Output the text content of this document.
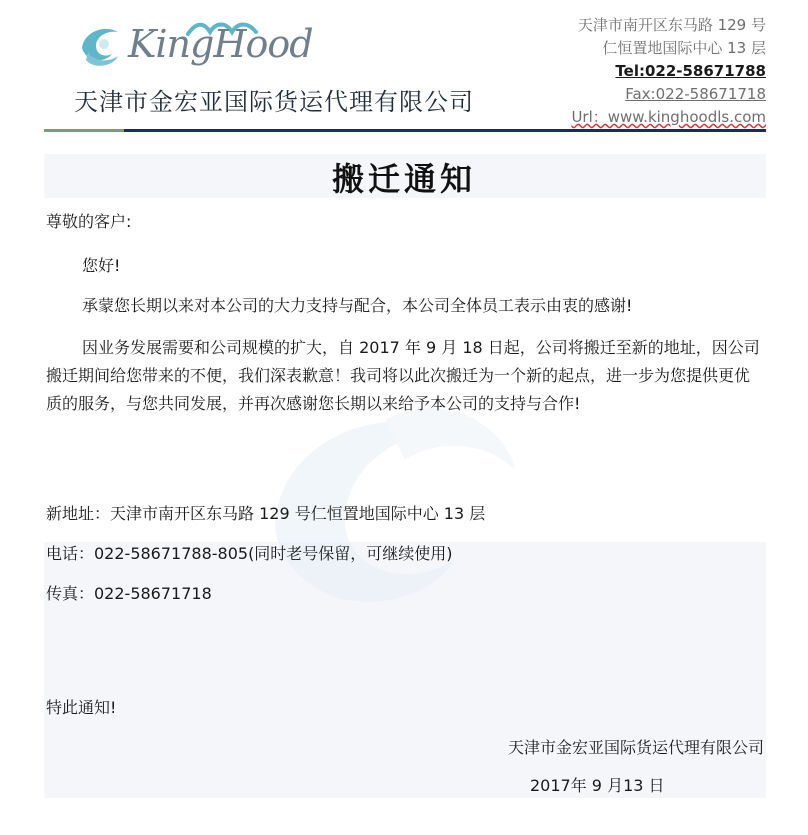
KingHood
天津市金宏亚国际货运代理有限公司
天津市南开区东马路 129 号
仁恒置地国际中心 13 层
Tel:022-58671788
Fax:022-58671718
Url：www.kinghoodls.com
搬迁通知
尊敬的客户:
您好!
承蒙您长期以来对本公司的大力支持与配合，本公司全体员工表示由衷的感谢!
因业务发展需要和公司规模的扩大，自 2017 年 9 月 18 日起，公司将搬迁至新的地址，因公司搬迁期间给您带来的不便，我们深表歉意！我司将以此次搬迁为一个新的起点，进一步为您提供更优质的服务，与您共同发展，并再次感谢您长期以来给予本公司的支持与合作!
新地址：天津市南开区东马路 129 号仁恒置地国际中心 13 层
电话：022-58671788-805(同时老号保留，可继续使用)
传真：022-58671718
特此通知!
天津市金宏亚国际货运代理有限公司
2017年 9 月13 日
